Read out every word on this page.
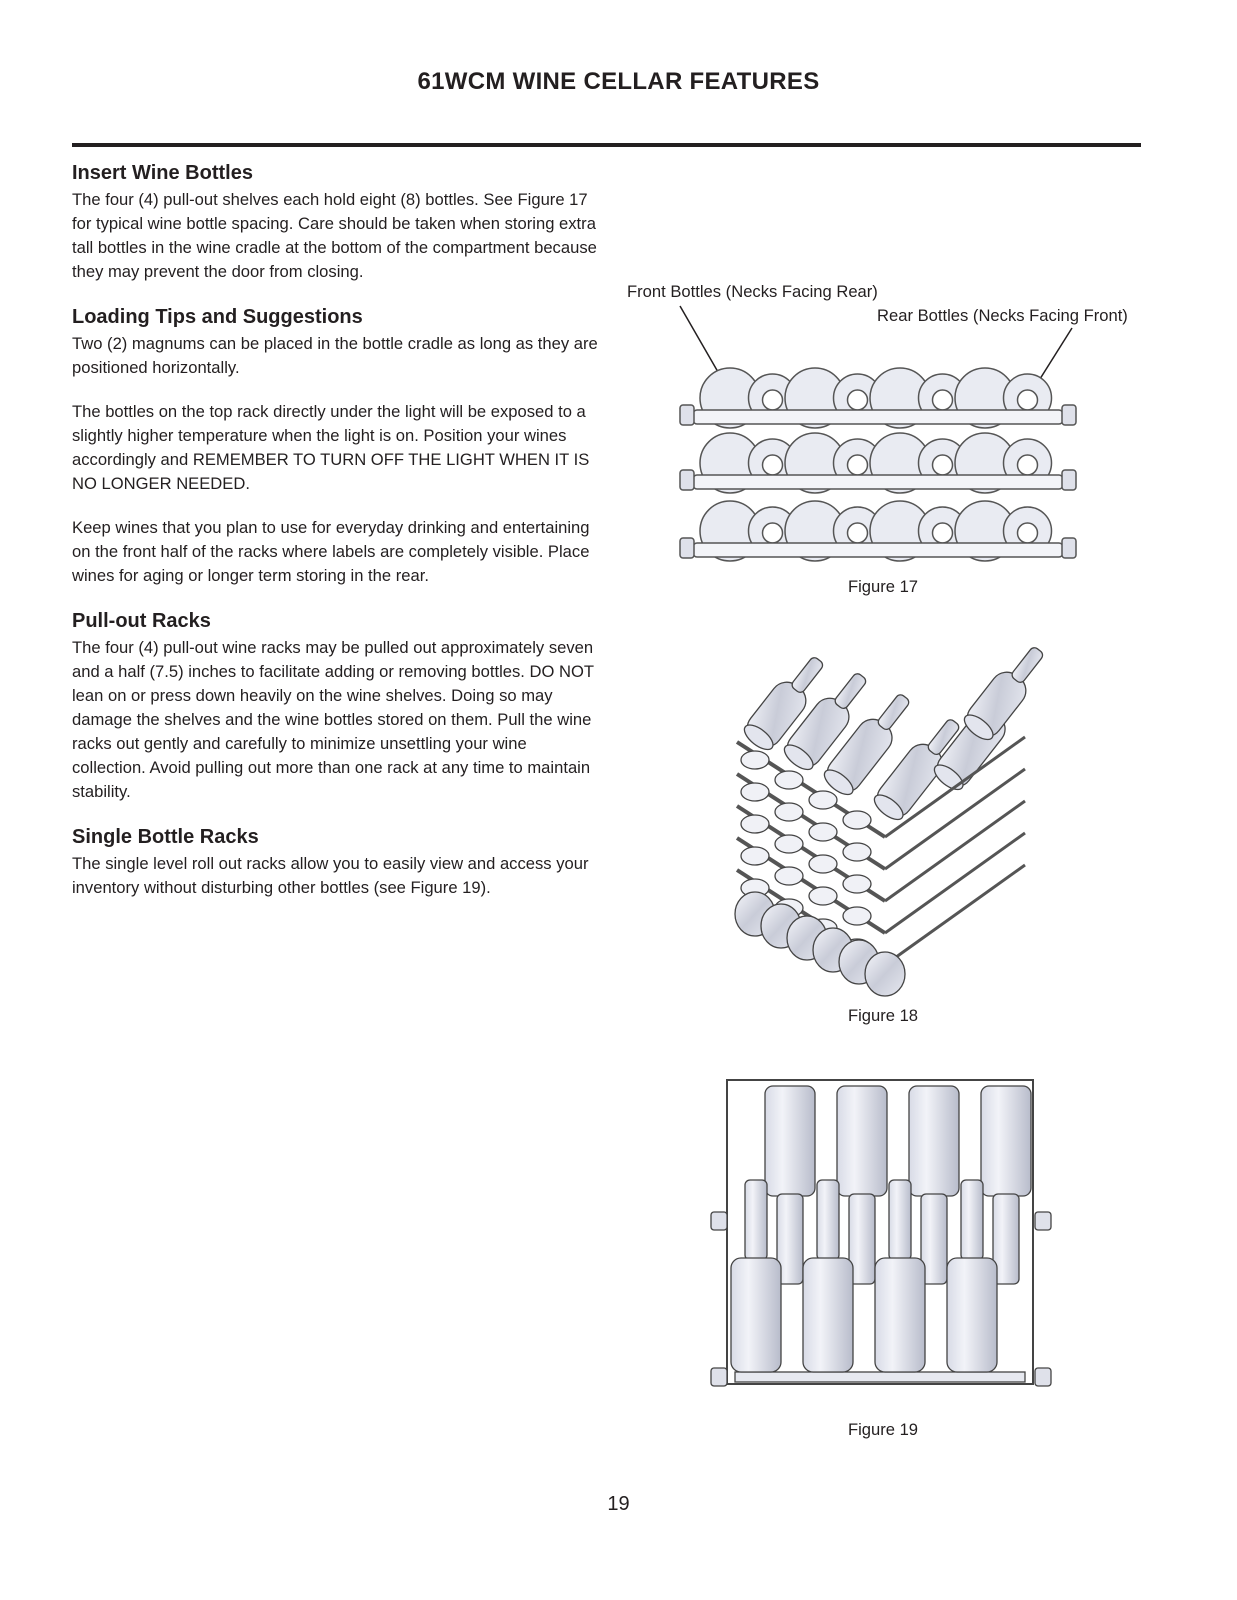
61WCM WINE CELLAR FEATURES
Insert Wine Bottles

The four (4) pull-out shelves each hold eight (8) bottles. See Figure 17 for typical wine bottle spacing. Care should be taken when storing extra tall bottles in the wine cradle at the bottom of the compartment because they may prevent the door from closing.

Loading Tips and Suggestions

Two (2) magnums can be placed in the bottle cradle as long as they are positioned horizontally.

The bottles on the top rack directly under the light will be exposed to a slightly higher temperature when the light is on. Position your wines accordingly and REMEMBER TO TURN OFF THE LIGHT WHEN IT IS NO LONGER NEEDED.

Keep wines that you plan to use for everyday drinking and entertaining on the front half of the racks where labels are completely visible. Place wines for aging or longer term storing in the rear.

Pull-out Racks

The four (4) pull-out wine racks may be pulled out approximately seven and a half (7.5) inches to facilitate adding or removing bottles. DO NOT lean on or press down heavily on the wine shelves. Doing so may damage the shelves and the wine bottles stored on them. Pull the wine racks out gently and carefully to minimize unsettling your wine collection. Avoid pulling out more than one rack at any time to maintain stability.

Single Bottle Racks

The single level roll out racks allow you to easily view and access your inventory without disturbing other bottles (see Figure 19).

Front Bottles (Necks Facing Rear)
Rear Bottles (Necks Facing Front)
Figure 17
Figure 18
Figure 19
19
